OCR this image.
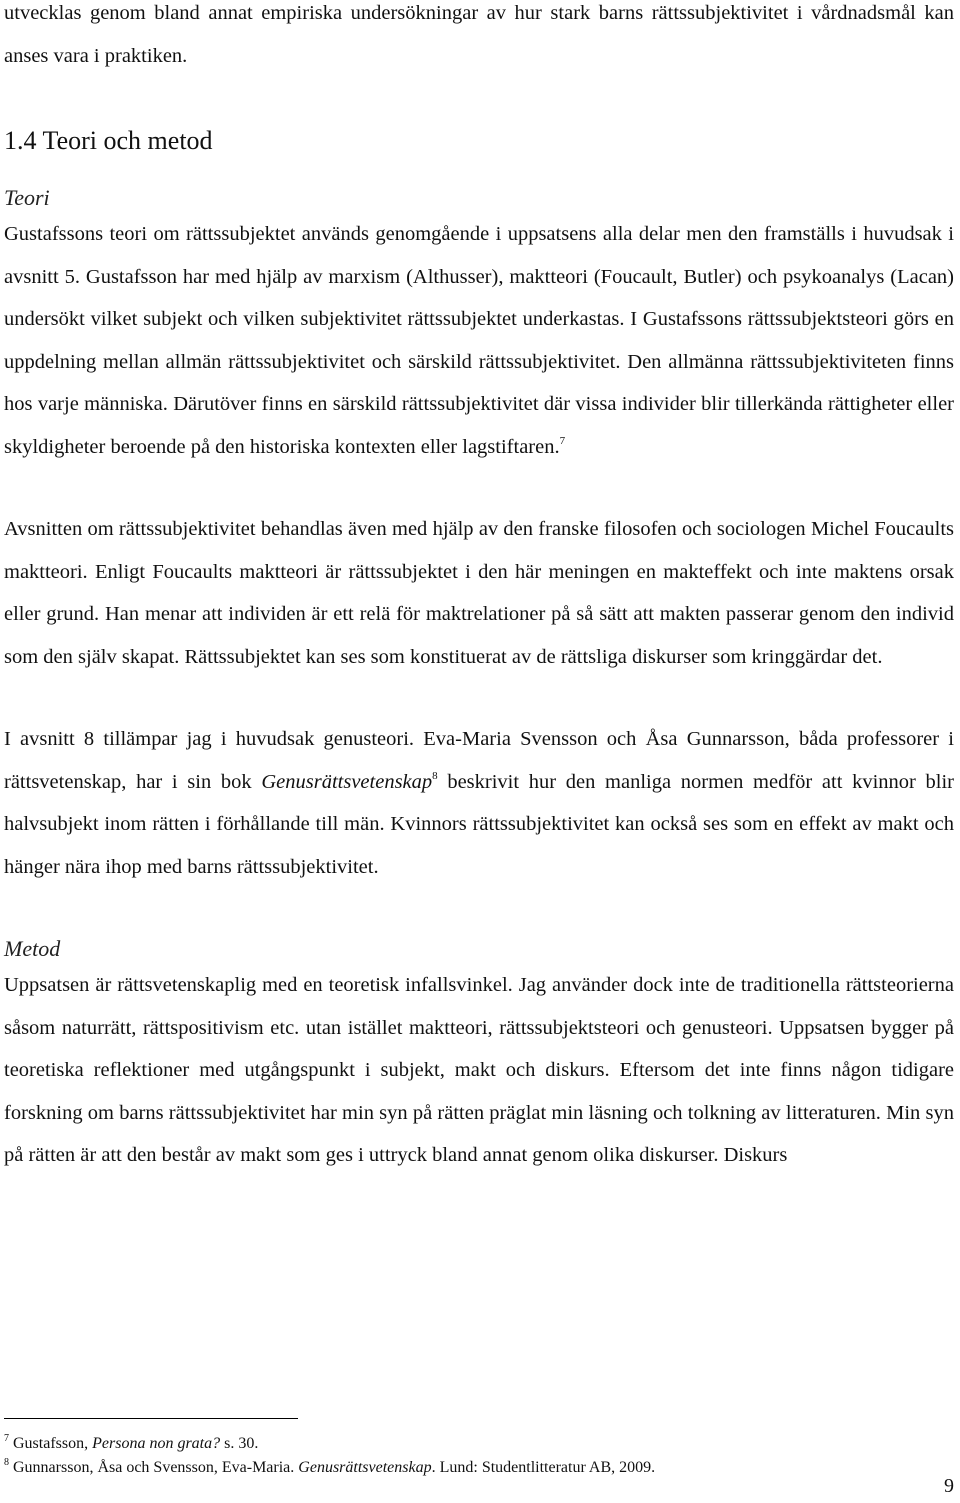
utvecklas genom bland annat empiriska undersökningar av hur stark barns rättssubjektivitet i vårdnadsmål kan anses vara i praktiken.

1.4 Teori och metod
Teori

Gustafssons teori om rättssubjektet används genomgående i uppsatsens alla delar men den framställs i huvudsak i avsnitt 5. Gustafsson har med hjälp av marxism (Althusser), maktteori (Foucault, Butler) och psykoanalys (Lacan) undersökt vilket subjekt och vilken subjektivitet rättssubjektet underkastas. I Gustafssons rättssubjektsteori görs en uppdelning mellan allmän rättssubjektivitet och särskild rättssubjektivitet. Den allmänna rättssubjektiviteten finns hos varje människa. Därutöver finns en särskild rättssubjektivitet där vissa individer blir tillerkända rättigheter eller skyldigheter beroende på den historiska kontexten eller lagstiftaren.$^7$

Avsnitten om rättssubjektivitet behandlas även med hjälp av den franske filosofen och sociologen Michel Foucaults maktteori. Enligt Foucaults maktteori är rättssubjektet i den här meningen en makteffekt och inte maktens orsak eller grund. Han menar att individen är ett relä för maktrelationer på så sätt att makten passerar genom den individ som den själv skapat. Rättssubjektet kan ses som konstituerat av de rättsliga diskurser som kringgärdar det.

I avsnitt 8 tillämpar jag i huvudsak genusteori. Eva-Maria Svensson och Åsa Gunnarsson, båda professorer i rättsvetenskap, har i sin bok Genusrättsvetenskap$^8$ beskrivit hur den manliga normen medför att kvinnor blir halvsubjekt inom rätten i förhållande till män. Kvinnors rättssubjektivitet kan också ses som en effekt av makt och hänger nära ihop med barns rättssubjektivitet.

Metod

Uppsatsen är rättsvetenskaplig med en teoretisk infallsvinkel. Jag använder dock inte de traditionella rättsteorierna såsom naturrätt, rättspositivism etc. utan istället maktteori, rättssubjektsteori och genusteori. Uppsatsen bygger på teoretiska reflektioner med utgångspunkt i subjekt, makt och diskurs. Eftersom det inte finns någon tidigare forskning om barns rättssubjektivitet har min syn på rätten präglat min läsning och tolkning av litteraturen. Min syn på rätten är att den består av makt som ges i uttryck bland annat genom olika diskurser. Diskurs

$^7$ Gustafsson, Persona non grata? s. 30.

$^8$ Gunnarsson, Åsa och Svensson, Eva-Maria. Genusrättsvetenskap. Lund: Studentlitteratur AB, 2009.

9
